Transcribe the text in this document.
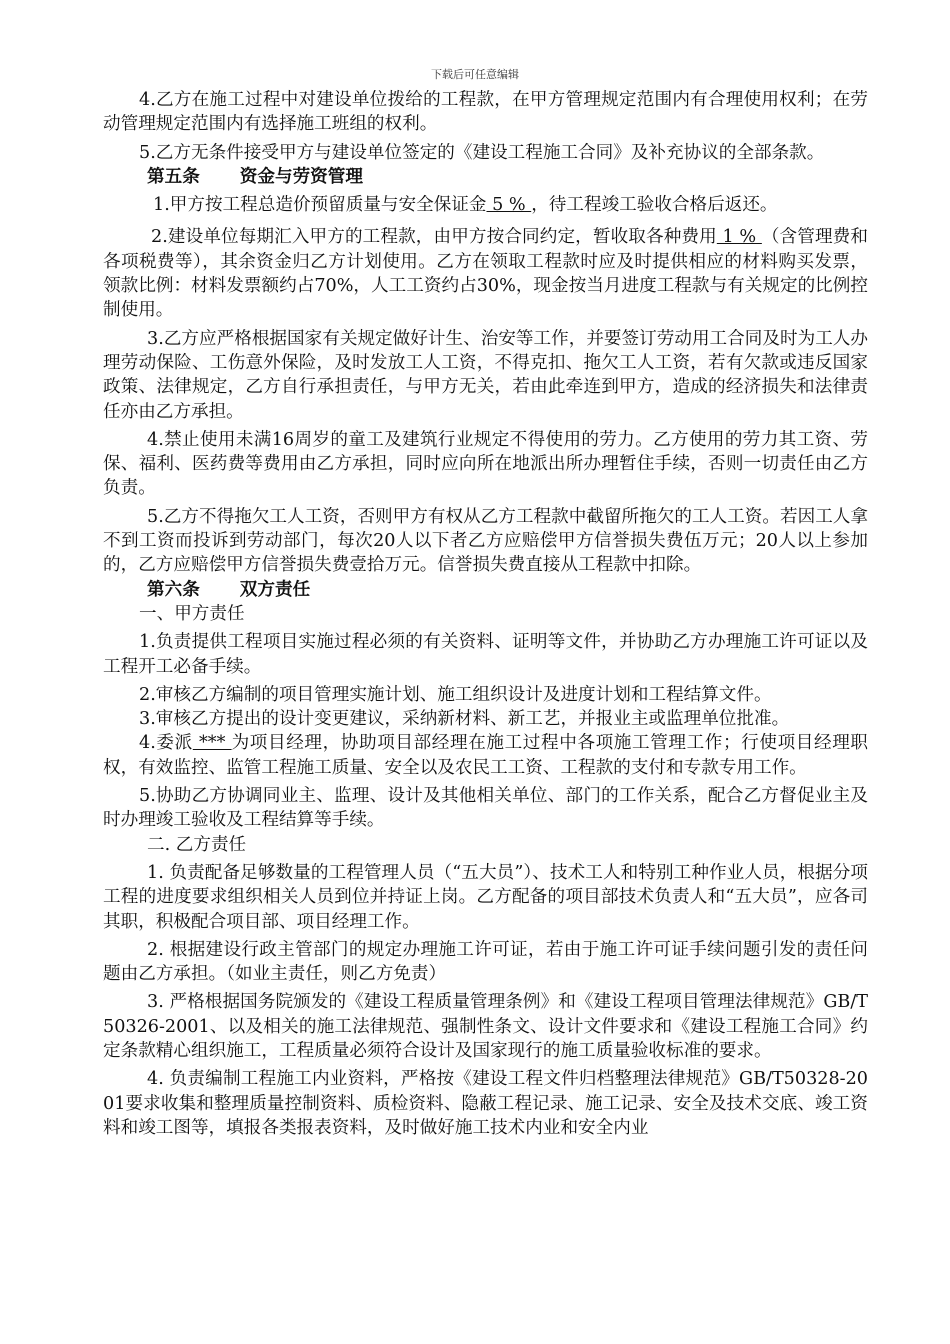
下载后可任意编辑

4.乙方在施工过程中对建设单位拨给的工程款，在甲方管理规定范围内有合理使用权利；在劳动管理规定范围内有选择施工班组的权利。

5.乙方无条件接受甲方与建设单位签定的《建设工程施工合同》及补充协议的全部条款。

第五条 资金与劳资管理

1.甲方按工程总造价预留质量与安全保证金 5 % ，待工程竣工验收合格后返还。

2.建设单位每期汇入甲方的工程款，由甲方按合同约定，暂收取各种费用 1 % （含管理费和各项税费等），其余资金归乙方计划使用。乙方在领取工程款时应及时提供相应的材料购买发票，领款比例：材料发票额约占70%，人工工资约占30%，现金按当月进度工程款与有关规定的比例控制使用。

3.乙方应严格根据国家有关规定做好计生、治安等工作，并要签订劳动用工合同及时为工人办理劳动保险、工伤意外保险，及时发放工人工资，不得克扣、拖欠工人工资，若有欠款或违反国家政策、法律规定，乙方自行承担责任，与甲方无关，若由此牵连到甲方，造成的经济损失和法律责任亦由乙方承担。

4.禁止使用未满16周岁的童工及建筑行业规定不得使用的劳力。乙方使用的劳力其工资、劳保、福利、医药费等费用由乙方承担，同时应向所在地派出所办理暂住手续，否则一切责任由乙方负责。

5.乙方不得拖欠工人工资，否则甲方有权从乙方工程款中截留所拖欠的工人工资。若因工人拿不到工资而投诉到劳动部门，每次20人以下者乙方应赔偿甲方信誉损失费伍万元；20人以上参加的，乙方应赔偿甲方信誉损失费壹拾万元。信誉损失费直接从工程款中扣除。

第六条 双方责任

一、甲方责任

1.负责提供工程项目实施过程必须的有关资料、证明等文件，并协助乙方办理施工许可证以及工程开工必备手续。

2.审核乙方编制的项目管理实施计划、施工组织设计及进度计划和工程结算文件。

3.审核乙方提出的设计变更建议，采纳新材料、新工艺，并报业主或监理单位批准。

4.委派 *** 为项目经理，协助项目部经理在施工过程中各项施工管理工作；行使项目经理职权，有效监控、监管工程施工质量、安全以及农民工工资、工程款的支付和专款专用工作。

5.协助乙方协调同业主、监理、设计及其他相关单位、部门的工作关系，配合乙方督促业主及时办理竣工验收及工程结算等手续。

二. 乙方责任

1. 负责配备足够数量的工程管理人员（“五大员”）、技术工人和特别工种作业人员，根据分项工程的进度要求组织相关人员到位并持证上岗。乙方配备的项目部技术负责人和“五大员”，应各司其职，积极配合项目部、项目经理工作。

2. 根据建设行政主管部门的规定办理施工许可证，若由于施工许可证手续问题引发的责任问题由乙方承担。（如业主责任，则乙方免责）

3. 严格根据国务院颁发的《建设工程质量管理条例》和《建设工程项目管理法律规范》GB/T50326-2001、以及相关的施工法律规范、强制性条文、设计文件要求和《建设工程施工合同》约定条款精心组织施工，工程质量必须符合设计及国家现行的施工质量验收标准的要求。

4. 负责编制工程施工内业资料，严格按《建设工程文件归档整理法律规范》GB/T50328-2001要求收集和整理质量控制资料、质检资料、隐蔽工程记录、施工记录、安全及技术交底、竣工资料和竣工图等，填报各类报表资料，及时做好施工技术内业和安全内业
